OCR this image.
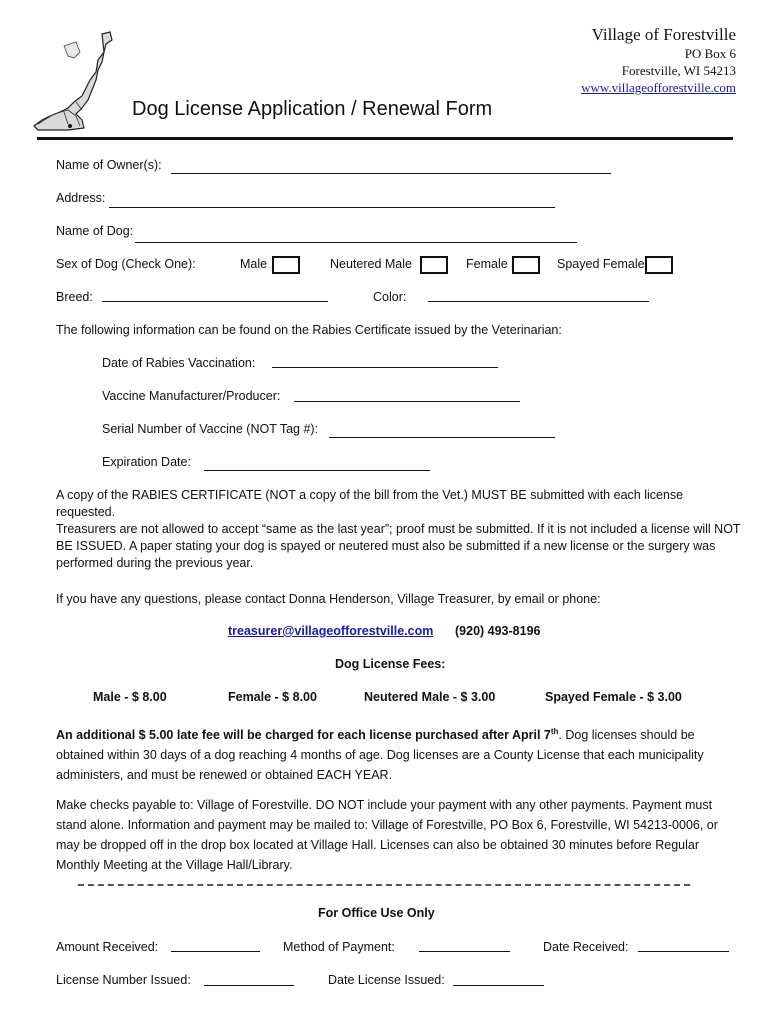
Village of Forestville
PO Box 6
Forestville, WI 54213
www.villageofforestville.com
Dog License Application / Renewal Form
Name of Owner(s):
Address:
Name of Dog:
Sex of Dog (Check One):	Male	Neutered Male	Female	Spayed Female
Breed:	Color:
The following information can be found on the Rabies Certificate issued by the Veterinarian:
Date of Rabies Vaccination:
Vaccine Manufacturer/Producer:
Serial Number of Vaccine (NOT Tag #):
Expiration Date:
A copy of the RABIES CERTIFICATE (NOT a copy of the bill from the Vet.) MUST BE submitted with each license requested.
Treasurers are not allowed to accept “same as the last year”; proof must be submitted. If it is not included a license will NOT BE ISSUED. A paper stating your dog is spayed or neutered must also be submitted if a new license or the surgery was performed during the previous year.
If you have any questions, please contact Donna Henderson, Village Treasurer, by email or phone:
treasurer@villageofforestville.com (920) 493-8196
Dog License Fees:
Male - $ 8.00	Female - $ 8.00	Neutered Male - $ 3.00	Spayed Female - $ 3.00
An additional $ 5.00 late fee will be charged for each license purchased after April 7th. Dog licenses should be obtained within 30 days of a dog reaching 4 months of age. Dog licenses are a County License that each municipality administers, and must be renewed or obtained EACH YEAR.
Make checks payable to: Village of Forestville. DO NOT include your payment with any other payments. Payment must stand alone. Information and payment may be mailed to: Village of Forestville, PO Box 6, Forestville, WI 54213-0006, or may be dropped off in the drop box located at Village Hall. Licenses can also be obtained 30 minutes before Regular Monthly Meeting at the Village Hall/Library.
For Office Use Only
Amount Received:	Method of Payment:	Date Received:
License Number Issued:	Date License Issued:
